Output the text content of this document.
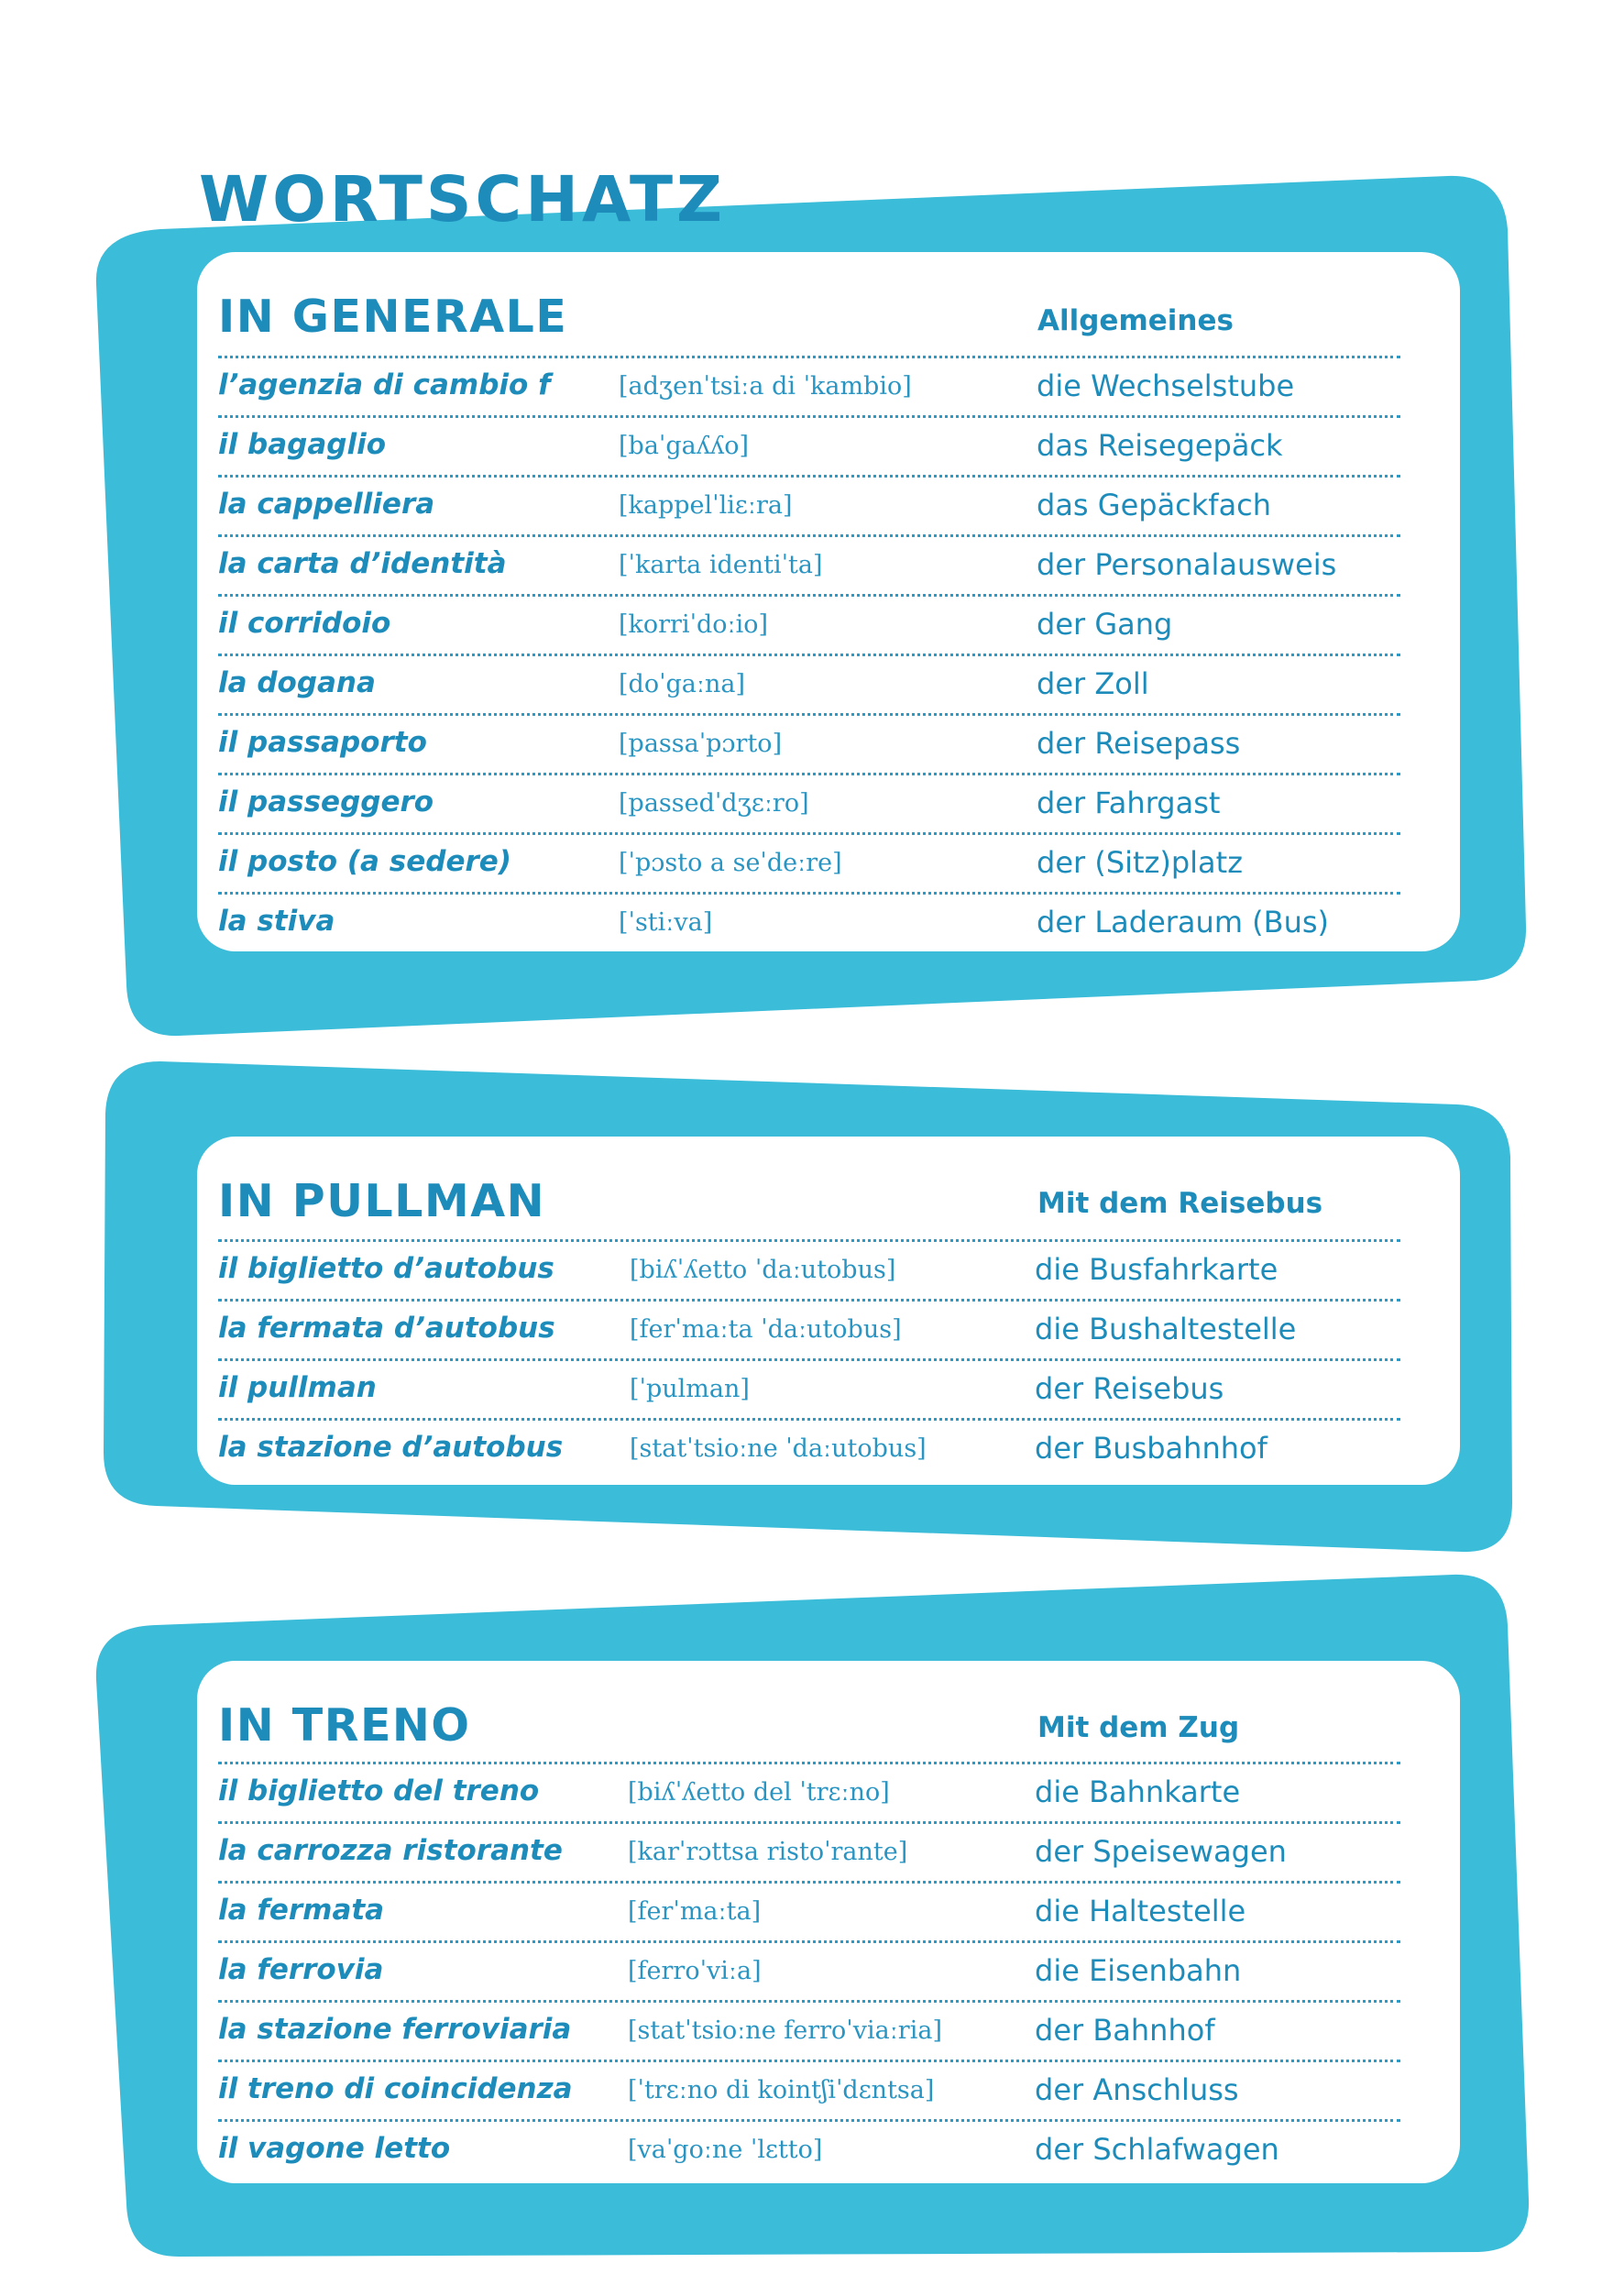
WORTSCHATZ
IN GENERALE	Allgemeines
l’agenzia di cambio f	[adʒenˈtsiːa di ˈkambio]	die Wechselstube
il bagaglio	[baˈgaʎʎo]	das Reisegepäck
la cappelliera	[kappelˈliɛːra]	das Gepäckfach
la carta d’identità	[ˈkarta identiˈta]	der Personalausweis
il corridoio	[korriˈdoːio]	der Gang
la dogana	[doˈgaːna]	der Zoll
il passaporto	[passaˈpɔrto]	der Reisepass
il passeggero	[passedˈdʒɛːro]	der Fahrgast
il posto (a sedere)	[ˈpɔsto a seˈdeːre]	der (Sitz)platz
la stiva	[ˈstiːva]	der Laderaum (Bus)
IN PULLMAN	Mit dem Reisebus
il biglietto d’autobus	[biʎˈʎetto ˈdaːutobus]	die Busfahrkarte
la fermata d’autobus	[ferˈmaːta ˈdaːutobus]	die Bushaltestelle
il pullman	[ˈpulman]	der Reisebus
la stazione d’autobus	[statˈtsioːne ˈdaːutobus]	der Busbahnhof
IN TRENO	Mit dem Zug
il biglietto del treno	[biʎˈʎetto del ˈtrɛːno]	die Bahnkarte
la carrozza ristorante	[karˈrɔttsa ristoˈrante]	der Speisewagen
la fermata	[ferˈmaːta]	die Haltestelle
la ferrovia	[ferroˈviːa]	die Eisenbahn
la stazione ferroviaria [statˈtsioːne ferroˈviaːria]	der Bahnhof
il treno di coincidenza [ˈtrɛːno di kointʃiˈdɛntsa]	der Anschluss
il vagone letto	[vaˈgoːne ˈlɛtto]	der Schlafwagen
